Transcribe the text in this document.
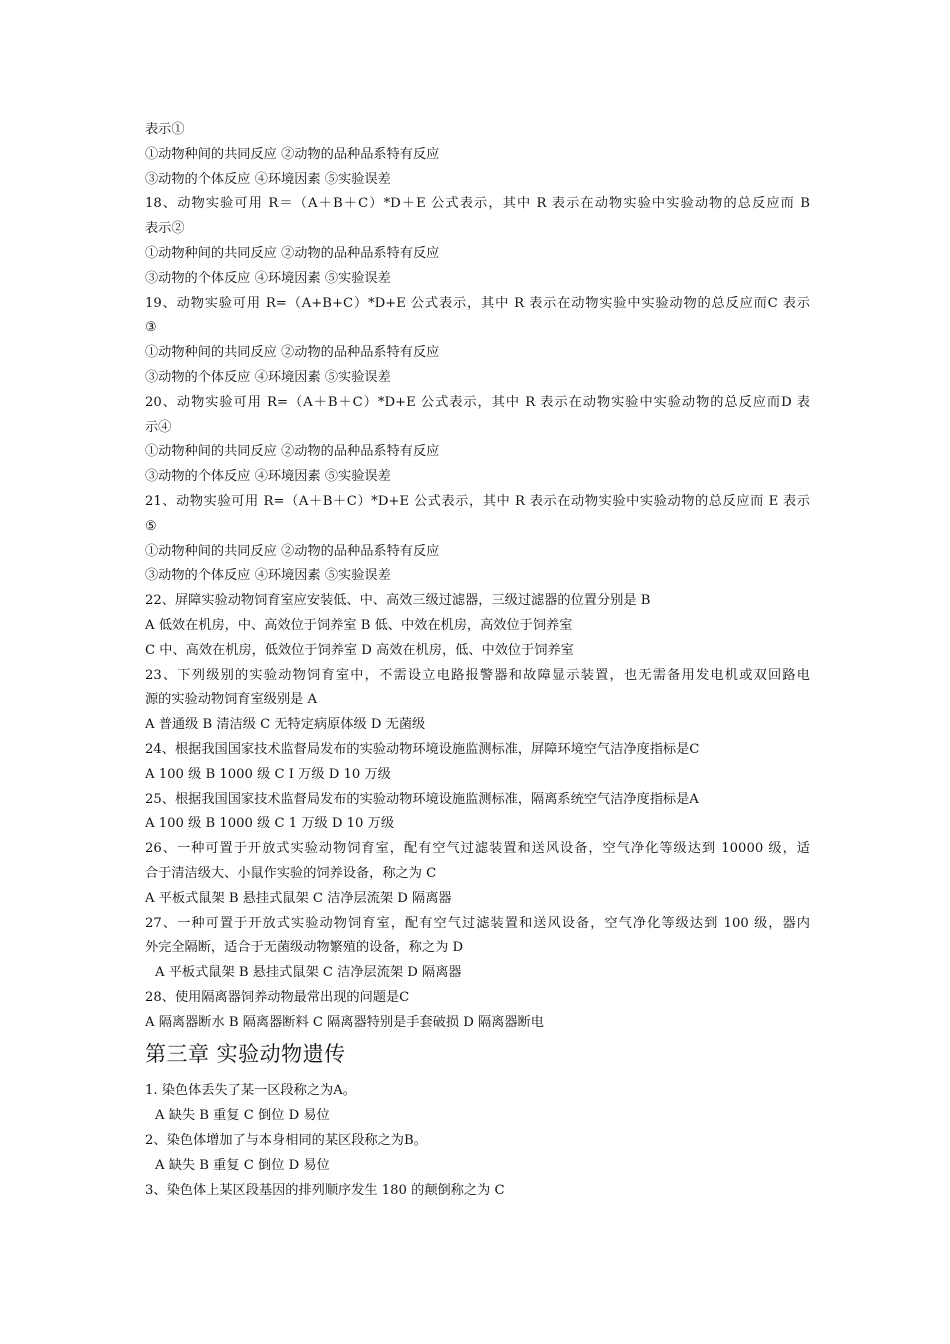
表示①
①动物种间的共同反应 ②动物的品种品系特有反应
③动物的个体反应 ④环境因素 ⑤实验误差
18、动物实验可用 R＝（A＋B＋C）*D＋E 公式表示，其中 R 表示在动物实验中实验动物的总反应而 B
表示②
①动物种间的共同反应 ②动物的品种品系特有反应
③动物的个体反应 ④环境因素 ⑤实验误差
19、动物实验可用 R=（A+B+C）*D+E 公式表示，其中 R 表示在动物实验中实验动物的总反应而C 表示
③
①动物种间的共同反应 ②动物的品种品系特有反应
③动物的个体反应 ④环境因素 ⑤实验误差
20、动物实验可用 R=（A＋B＋C）*D+E 公式表示，其中 R 表示在动物实验中实验动物的总反应而D 表
示④
①动物种间的共同反应 ②动物的品种品系特有反应
③动物的个体反应 ④环境因素 ⑤实验误差
21、动物实验可用 R=（A＋B＋C）*D+E 公式表示，其中 R 表示在动物实验中实验动物的总反应而 E 表示
⑤
①动物种间的共同反应 ②动物的品种品系特有反应
③动物的个体反应 ④环境因素 ⑤实验误差
22、屏障实验动物饲育室应安装低、中、高效三级过滤器，三级过滤器的位置分别是 B
A 低效在机房，中、高效位于饲养室 B 低、中效在机房，高效位于饲养室
C 中、高效在机房，低效位于饲养室 D 高效在机房，低、中效位于饲养室
23、下列级别的实验动物饲育室中，不需设立电路报警器和故障显示装置，也无需备用发电机或双回路电
源的实验动物饲育室级别是 A
A 普通级 B 清洁级 C 无特定病原体级 D 无菌级
24、根据我国国家技术监督局发布的实验动物环境设施监测标准，屏障环境空气洁净度指标是C
A 100 级 B 1000 级 C I 万级 D 10 万级
25、根据我国国家技术监督局发布的实验动物环境设施监测标准，隔离系统空气洁净度指标是A
A 100 级 B 1000 级 C 1 万级 D 10 万级
26、一种可置于开放式实验动物饲育室，配有空气过滤装置和送风设备，空气净化等级达到 10000 级，适
合于清洁级大、小鼠作实验的饲养设备，称之为 C
A 平板式鼠架 B 悬挂式鼠架 C 洁净层流架 D 隔离器
27、一种可置于开放式实验动物饲育室，配有空气过滤装置和送风设备，空气净化等级达到 100 级，器内
外完全隔断，适合于无菌级动物繁殖的设备，称之为 D
A 平板式鼠架 B 悬挂式鼠架 C 洁净层流架 D 隔离器
28、使用隔离器饲养动物最常出现的问题是C
A 隔离器断水 B 隔离器断料 C 隔离器特别是手套破损 D 隔离器断电
第三章 实验动物遗传
1. 染色体丢失了某一区段称之为A。
A 缺失 B 重复 C 倒位 D 易位
2、染色体增加了与本身相同的某区段称之为B。
A 缺失 B 重复 C 倒位 D 易位
3、染色体上某区段基因的排列顺序发生 180 的颠倒称之为 C
